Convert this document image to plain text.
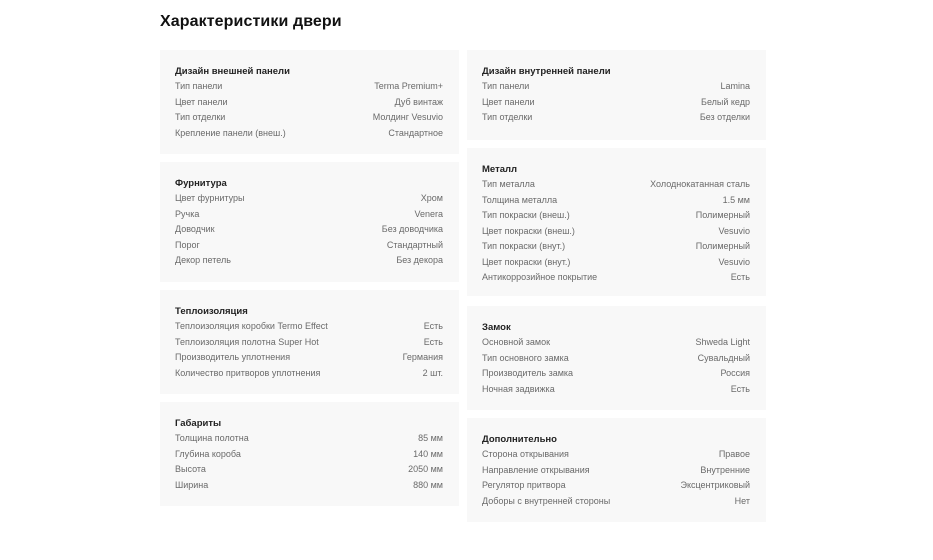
Характеристики двери
Дизайн внешней панели
Тип панели	Terma Premium+
Цвет панели	Дуб винтаж
Тип отделки	Молдинг Vesuvio
Крепление панели (внеш.)	Стандартное
Фурнитура
Цвет фурнитуры	Хром
Ручка	Venera
Доводчик	Без доводчика
Порог	Стандартный
Декор петель	Без декора
Теплоизоляция
Теплоизоляция коробки Termo Effect	Есть
Теплоизоляция полотна Super Hot	Есть
Производитель уплотнения	Германия
Количество притворов уплотнения	2 шт.
Габариты
Толщина полотна	85 мм
Глубина короба	140 мм
Высота	2050 мм
Ширина	880 мм
Дизайн внутренней панели
Тип панели	Lamina
Цвет панели	Белый кедр
Тип отделки	Без отделки
Металл
Тип металла	Холоднокатанная сталь
Толщина металла	1.5 мм
Тип покраски (внеш.)	Полимерный
Цвет покраски (внеш.)	Vesuvio
Тип покраски (внут.)	Полимерный
Цвет покраски (внут.)	Vesuvio
Антикоррозийное покрытие	Есть
Замок
Основной замок	Shweda Light
Тип основного замка	Сувальдный
Производитель замка	Россия
Ночная задвижка	Есть
Дополнительно
Сторона открывания	Правое
Направление открывания	Внутренние
Регулятор притвора	Эксцентриковый
Доборы с внутренней стороны	Нет
